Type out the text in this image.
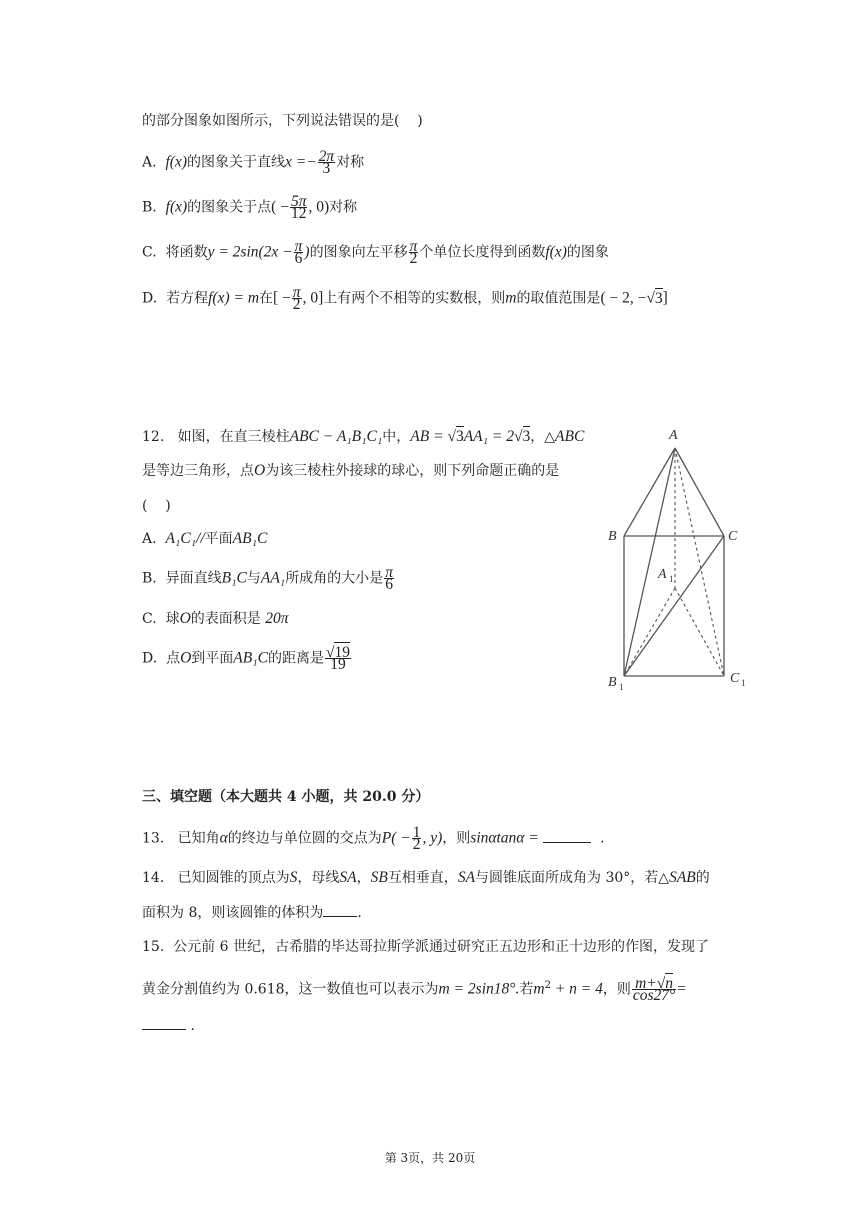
的部分图象如图所示，下列说法错误的是(    )
A. f(x)的图象关于直线$x =- \frac{2\pi}{3}$ 对称
B. f(x)的图象关于点( − $\frac{5\pi}{12}$ , 0)对称
C. 将函数$y = 2\sin(2x - \frac{\pi}{6}$ )的图象向左平移 $\frac{\pi}{2}$ 个单位长度得到函数f(x)的图象
D. 若方程f(x) = m在[ − $\frac{\pi}{2}$ , 0]上有两个不相等的实数根，则m的取值范围是( − 2, −√3]
12. 如图，在直三棱柱ABC − A₁B₁C₁中，AB = √3AA₁ = 2√3，△ABC
是等边三角形，点O为该三棱柱外接球的球心，则下列命题正确的是
(    )
A. A₁C₁//平面AB₁C
B. 异面直线B₁C与AA₁所成角的大小是 $\frac{\pi}{6}$
C. 球O的表面积是 20π
D. 点O到平面AB₁C的距离是 $\frac{√19}{19}$
A
B	C
A 1
B 1
C 1
三、填空题（本大题共 4 小题，共 20.0 分）
13. 已知角α的终边与单位圆的交点为$P( - \frac{1}{2}$ , y)，则sinαtanα =	.
14. 已知圆锥的顶点为S，母线SA，SB互相垂直，SA与圆锥底面所成角为 30°，若△SAB的
面积为 8，则该圆锥的体积为 .
15. 公元前 6 世纪，古希腊的毕达哥拉斯学派通过研究正五边形和正十边形的作图，发现了
黄金分割值约为 0.618，这一数值也可以表示为m = 2sin18°.若$m^2 + n = 4$，则 $\frac{m+√n}{\cos 27^\circ}$ =
.
第 3页，共 20页
